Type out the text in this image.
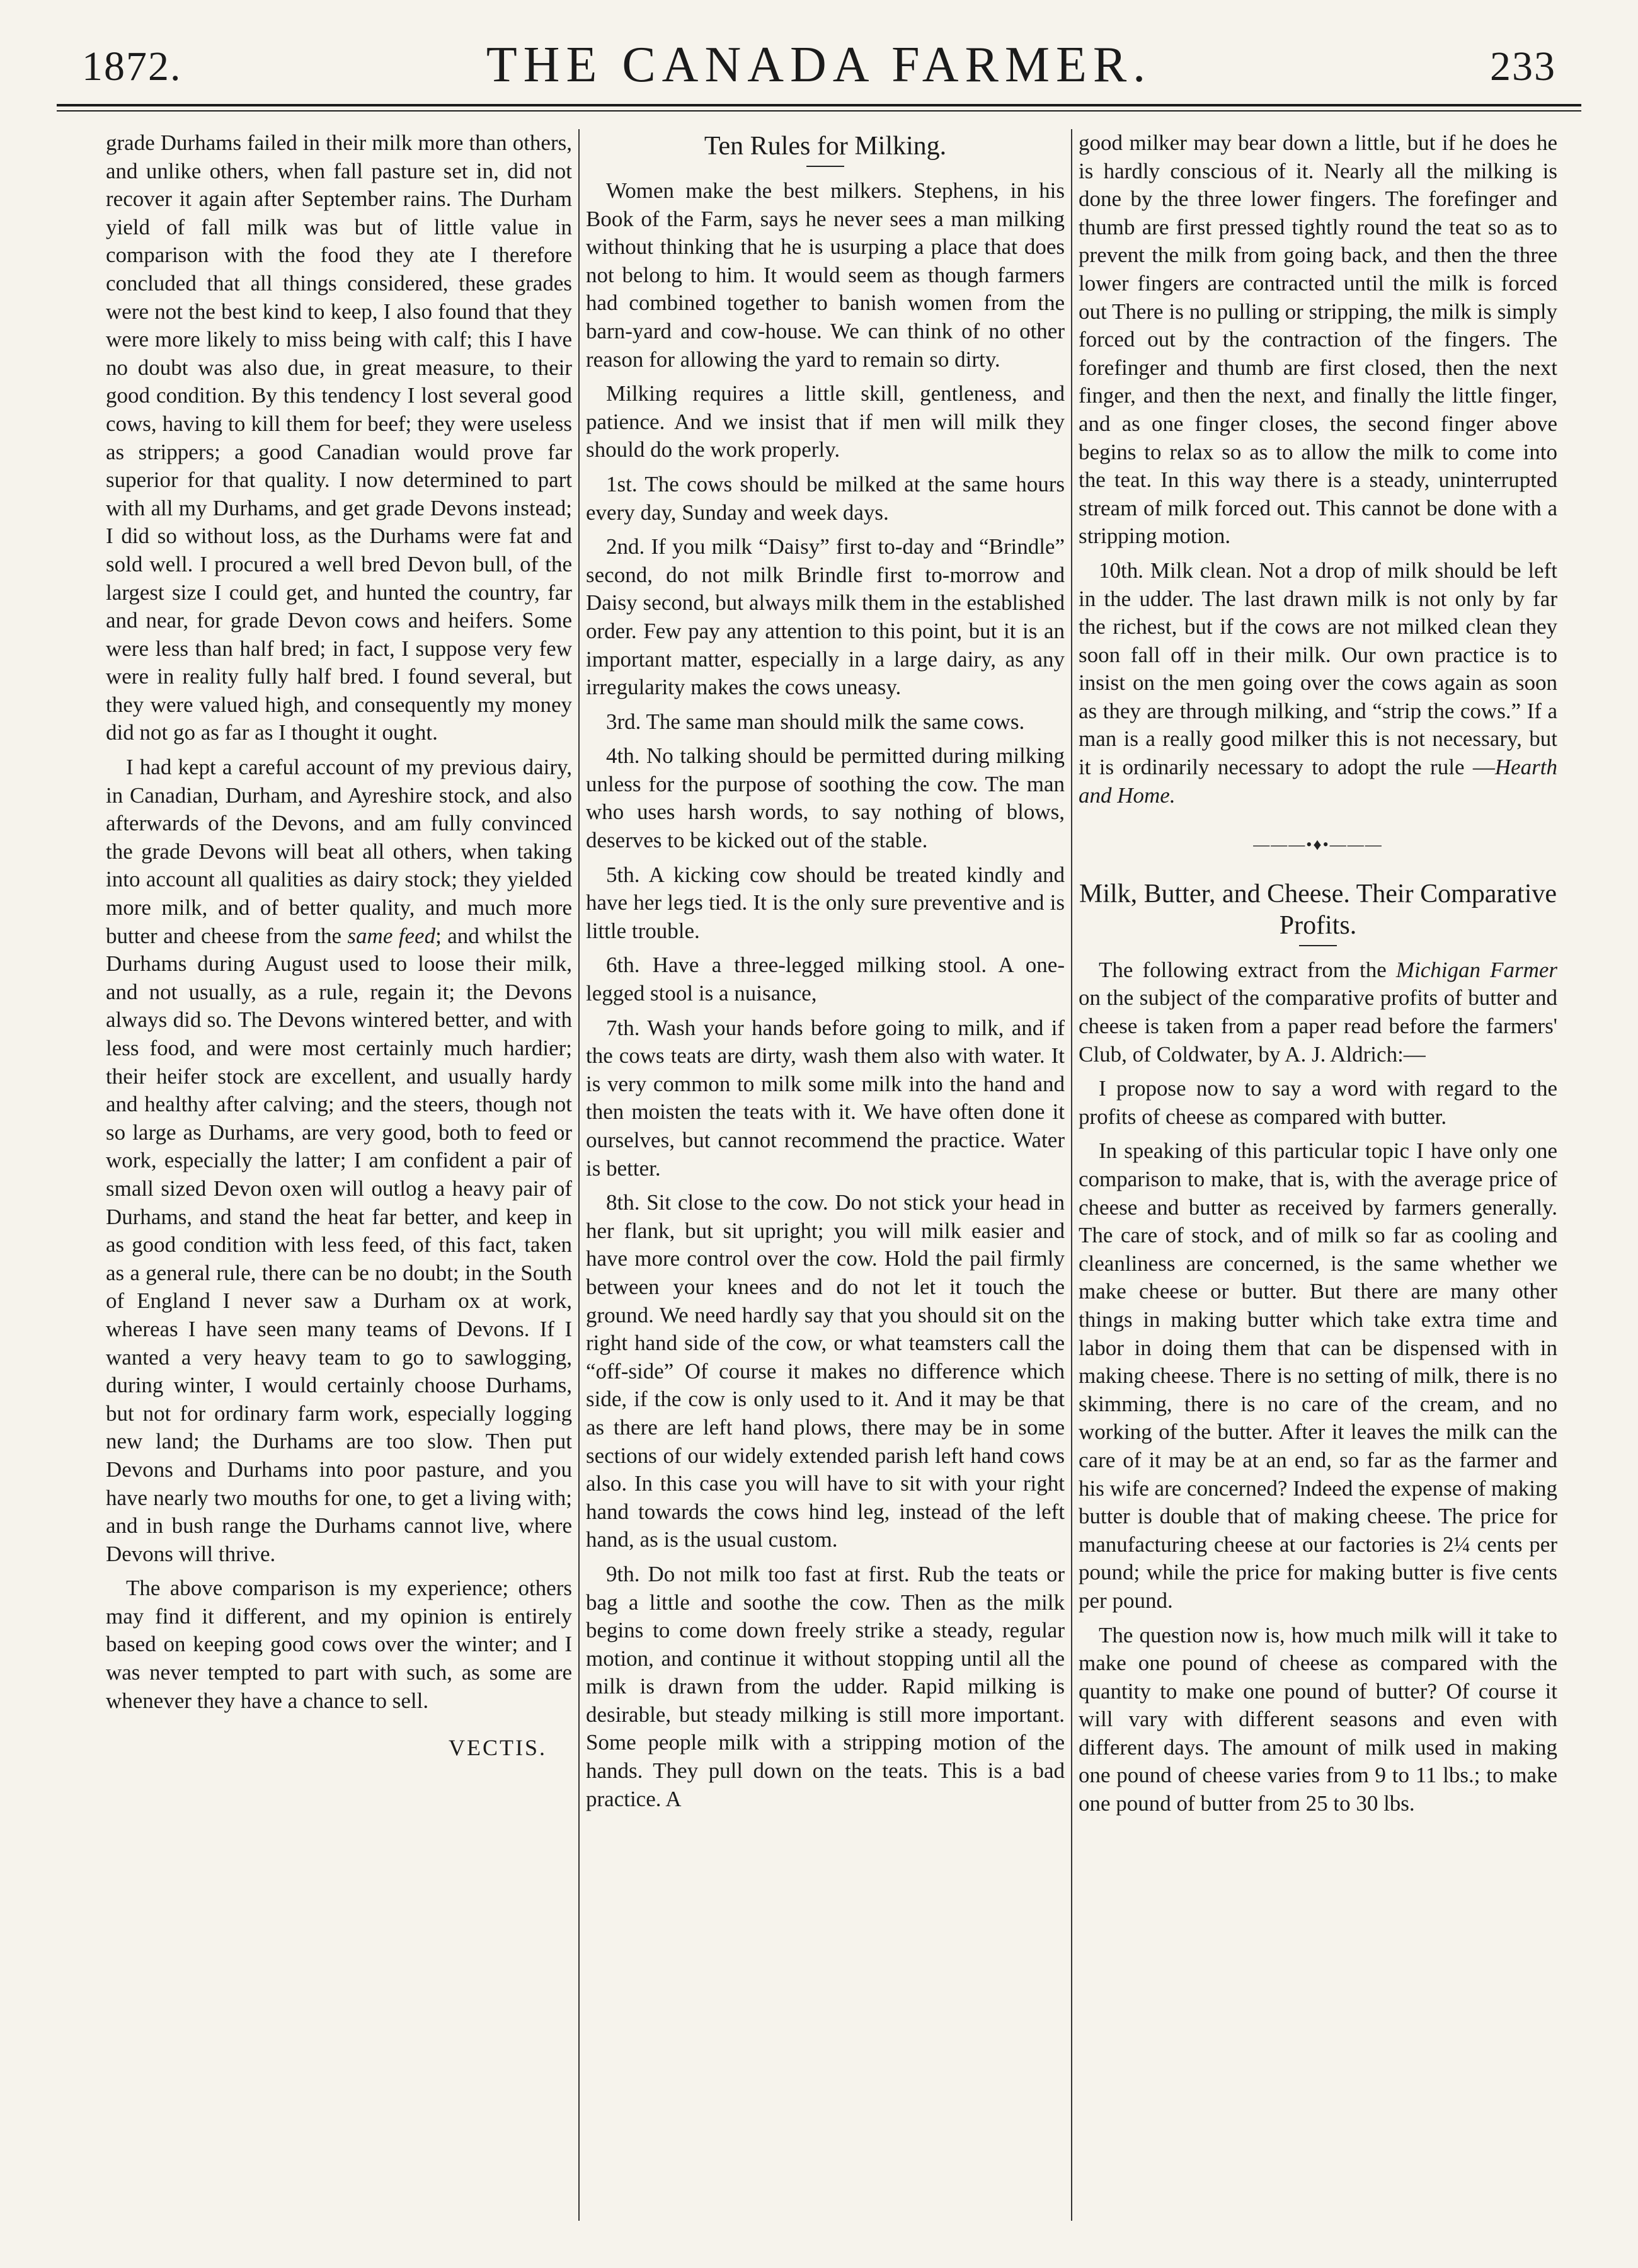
1872.	THE CANADA FARMER.	233

grade Durhams failed in their milk more than others, and unlike others, when fall pasture set in, did not recover it again after September rains. The Durham yield of fall milk was but of little value in comparison with the food they ate I therefore concluded that all things considered, these grades were not the best kind to keep, I also found that they were more likely to miss being with calf; this I have no doubt was also due, in great measure, to their good condition. By this tendency I lost several good cows, having to kill them for beef; they were useless as strippers; a good Canadian would prove far superior for that quality. I now determined to part with all my Durhams, and get grade Devons instead; I did so without loss, as the Durhams were fat and sold well. I procured a well bred Devon bull, of the largest size I could get, and hunted the country, far and near, for grade Devon cows and heifers. Some were less than half bred; in fact, I suppose very few were in reality fully half bred. I found several, but they were valued high, and consequently my money did not go as far as I thought it ought.

I had kept a careful account of my previous dairy, in Canadian, Durham, and Ayreshire stock, and also afterwards of the Devons, and am fully convinced the grade Devons will beat all others, when taking into account all qualities as dairy stock; they yielded more milk, and of better quality, and much more butter and cheese from the same feed; and whilst the Durhams during August used to loose their milk, and not usually, as a rule, regain it; the Devons always did so. The Devons wintered better, and with less food, and were most certainly much hardier; their heifer stock are excellent, and usually hardy and healthy after calving; and the steers, though not so large as Durhams, are very good, both to feed or work, especially the latter; I am confident a pair of small sized Devon oxen will outlog a heavy pair of Durhams, and stand the heat far better, and keep in as good condition with less feed, of this fact, taken as a general rule, there can be no doubt; in the South of England I never saw a Durham ox at work, whereas I have seen many teams of Devons. If I wanted a very heavy team to go to sawlogging, during winter, I would certainly choose Durhams, but not for ordinary farm work, especially logging new land; the Durhams are too slow. Then put Devons and Durhams into poor pasture, and you have nearly two mouths for one, to get a living with; and in bush range the Durhams cannot live, where Devons will thrive.

The above comparison is my experience; others may find it different, and my opinion is entirely based on keeping good cows over the winter; and I was never tempted to part with such, as some are whenever they have a chance to sell.

VECTIS.
Ten Rules for Milking.

Women make the best milkers. Stephens, in his Book of the Farm, says he never sees a man milking without thinking that he is usurping a place that does not belong to him. It would seem as though farmers had combined together to banish women from the barn-yard and cow-house. We can think of no other reason for allowing the yard to remain so dirty.

Milking requires a little skill, gentleness, and patience. And we insist that if men will milk they should do the work properly.

1st. The cows should be milked at the same hours every day, Sunday and week days.

2nd. If you milk “Daisy” first to-day and “Brindle” second, do not milk Brindle first to-morrow and Daisy second, but always milk them in the established order. Few pay any attention to this point, but it is an important matter, especially in a large dairy, as any irregularity makes the cows uneasy.

3rd. The same man should milk the same cows.

4th. No talking should be permitted during milking unless for the purpose of soothing the cow. The man who uses harsh words, to say nothing of blows, deserves to be kicked out of the stable.

5th. A kicking cow should be treated kindly and have her legs tied. It is the only sure preventive and is little trouble.

6th. Have a three-legged milking stool. A one-legged stool is a nuisance,

7th. Wash your hands before going to milk, and if the cows teats are dirty, wash them also with water. It is very common to milk some milk into the hand and then moisten the teats with it. We have often done it ourselves, but cannot recommend the practice. Water is better.

8th. Sit close to the cow. Do not stick your head in her flank, but sit upright; you will milk easier and have more control over the cow. Hold the pail firmly between your knees and do not let it touch the ground. We need hardly say that you should sit on the right hand side of the cow, or what teamsters call the “off-side” Of course it makes no difference which side, if the cow is only used to it. And it may be that as there are left hand plows, there may be in some sections of our widely extended parish left hand cows also. In this case you will have to sit with your right hand towards the cows hind leg, instead of the left hand, as is the usual custom.

9th. Do not milk too fast at first. Rub the teats or bag a little and soothe the cow. Then as the milk begins to come down freely strike a steady, regular motion, and continue it without stopping until all the milk is drawn from the udder. Rapid milking is desirable, but steady milking is still more important. Some people milk with a stripping motion of the hands. They pull down on the teats. This is a bad practice. A

good milker may bear down a little, but if he does he is hardly conscious of it. Nearly all the milking is done by the three lower fingers. The forefinger and thumb are first pressed tightly round the teat so as to prevent the milk from going back, and then the three lower fingers are contracted until the milk is forced out There is no pulling or stripping, the milk is simply forced out by the contraction of the fingers. The forefinger and thumb are first closed, then the next finger, and then the next, and finally the little finger, and as one finger closes, the second finger above begins to relax so as to allow the milk to come into the teat. In this way there is a steady, uninterrupted stream of milk forced out. This cannot be done with a stripping motion.

10th. Milk clean. Not a drop of milk should be left in the udder. The last drawn milk is not only by far the richest, but if the cows are not milked clean they soon fall off in their milk. Our own practice is to insist on the men going over the cows again as soon as they are through milking, and “strip the cows.” If a man is a really good milker this is not necessary, but it is ordinarily necessary to adopt the rule —Hearth and Home.

———•♦•———
Milk, Butter, and Cheese. Their Comparative Profits.

The following extract from the Michigan Farmer on the subject of the comparative profits of butter and cheese is taken from a paper read before the farmers' Club, of Coldwater, by A. J. Aldrich:—

I propose now to say a word with regard to the profits of cheese as compared with butter.

In speaking of this particular topic I have only one comparison to make, that is, with the average price of cheese and butter as received by farmers generally. The care of stock, and of milk so far as cooling and cleanliness are concerned, is the same whether we make cheese or butter. But there are many other things in making butter which take extra time and labor in doing them that can be dispensed with in making cheese. There is no setting of milk, there is no skimming, there is no care of the cream, and no working of the butter. After it leaves the milk can the care of it may be at an end, so far as the farmer and his wife are concerned? Indeed the expense of making butter is double that of making cheese. The price for manufacturing cheese at our factories is 2¼ cents per pound; while the price for making butter is five cents per pound.

The question now is, how much milk will it take to make one pound of cheese as compared with the quantity to make one pound of butter? Of course it will vary with different seasons and even with different days. The amount of milk used in making one pound of cheese varies from 9 to 11 lbs.; to make one pound of butter from 25 to 30 lbs.
